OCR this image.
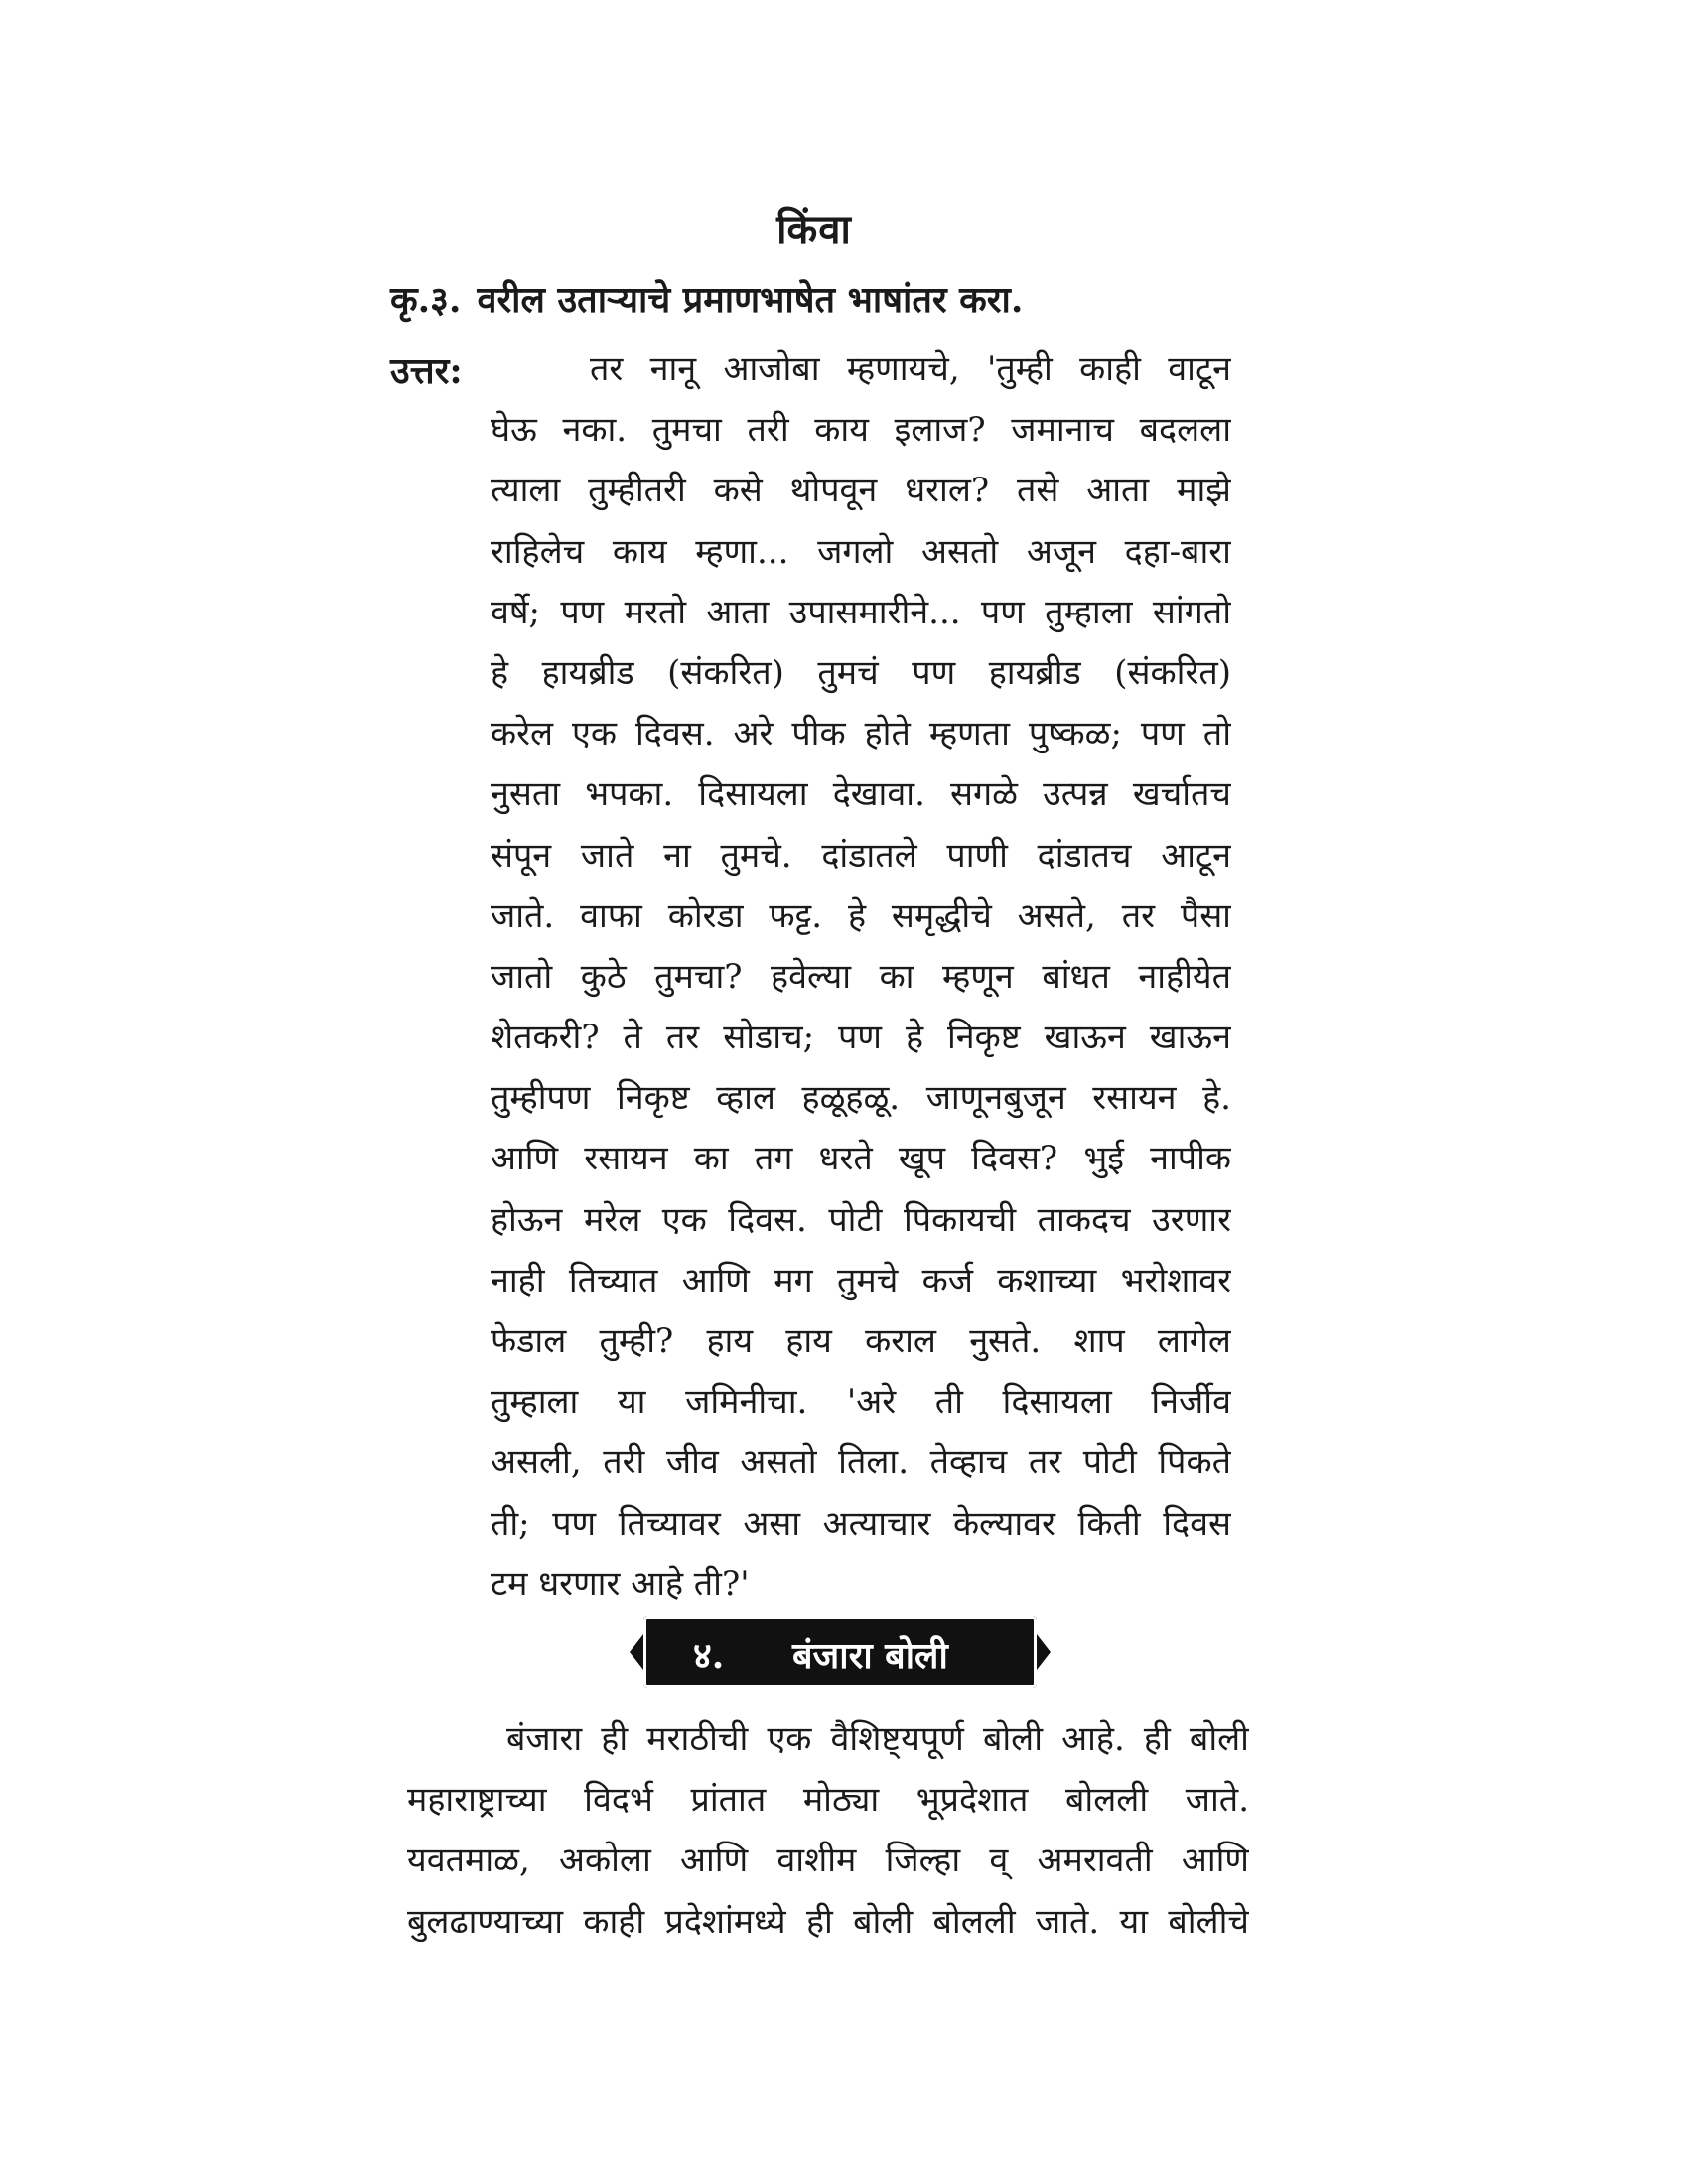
किंवा
कृ.३. वरील उताऱ्याचे प्रमाणभाषेत भाषांतर करा.
उत्तर:	तर नानू आजोबा म्हणायचे, 'तुम्ही काही वाटून
घेऊ नका. तुमचा तरी काय इलाज? जमानाच बदलला
त्याला तुम्हीतरी कसे थोपवून धराल? तसे आता माझे
राहिलेच काय म्हणा... जगलो असतो अजून दहा-बारा
वर्षे; पण मरतो आता उपासमारीने... पण तुम्हाला सांगतो
हे हायब्रीड (संकरित) तुमचं पण हायब्रीड (संकरित)
करेल एक दिवस. अरे पीक होते म्हणता पुष्कळ; पण तो
नुसता भपका. दिसायला देखावा. सगळे उत्पन्न खर्चातच
संपून जाते ना तुमचे. दांडातले पाणी दांडातच आटून
जाते. वाफा कोरडा फट्ट. हे समृद्धीचे असते, तर पैसा
जातो कुठे तुमचा? हवेल्या का म्हणून बांधत नाहीयेत
शेतकरी? ते तर सोडाच; पण हे निकृष्ट खाऊन खाऊन
तुम्हीपण निकृष्ट व्हाल हळूहळू. जाणूनबुजून रसायन हे.
आणि रसायन का तग धरते खूप दिवस? भुई नापीक
होऊन मरेल एक दिवस. पोटी पिकायची ताकदच उरणार
नाही तिच्यात आणि मग तुमचे कर्ज कशाच्या भरोशावर
फेडाल तुम्ही? हाय हाय कराल नुसते. शाप लागेल
तुम्हाला या जमिनीचा. 'अरे ती दिसायला निर्जीव
असली, तरी जीव असतो तिला. तेव्हाच तर पोटी पिकते
ती; पण तिच्यावर असा अत्याचार केल्यावर किती दिवस
टम धरणार आहे ती?'
४. बंजारा बोली
बंजारा ही मराठीची एक वैशिष्ट्यपूर्ण बोली आहे. ही बोली
महाराष्ट्राच्या विदर्भ प्रांतात मोठ्या भूप्रदेशात बोलली जाते.
यवतमाळ, अकोला आणि वाशीम जिल्हा व् अमरावती आणि
बुलढाण्याच्या काही प्रदेशांमध्ये ही बोली बोलली जाते. या बोलीचे
